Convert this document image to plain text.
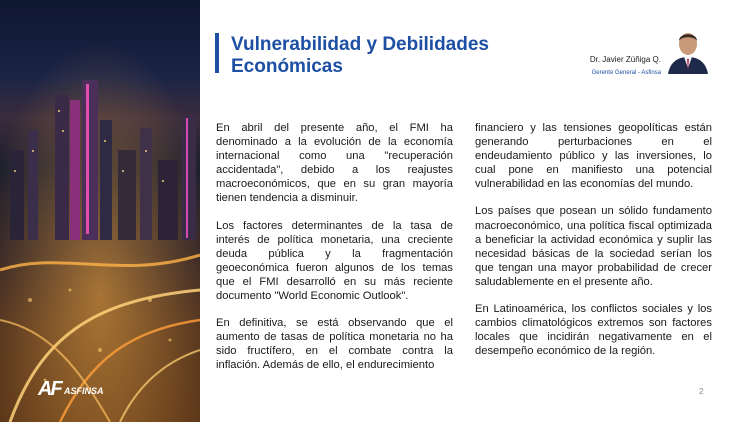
AF ASFINSA
Vulnerabilidad y Debilidades Económicas	Dr. Javier Zúñiga Q.
Gerente General - Asfinsa

En abril del presente año, el FMI ha denominado a la evolución de la economía internacional como una "recuperación accidentada", debido a los reajustes macroeconómicos, que en su gran mayoría tienen tendencia a disminuir.

Los factores determinantes de la tasa de interés de política monetaria, una creciente deuda pública y la fragmentación geoeconómica fueron algunos de los temas que el FMI desarrolló en su más reciente documento "World Economic Outlook".

En definitiva, se está observando que el aumento de tasas de política monetaria no ha sido fructífero, en el combate contra la inflación. Además de ello, el endurecimiento

financiero y las tensiones geopolíticas están generando perturbaciones en el endeudamiento público y las inversiones, lo cual pone en manifiesto una potencial vulnerabilidad en las economías del mundo.

Los países que posean un sólido fundamento macroeconómico, una política fiscal optimizada a beneficiar la actividad económica y suplir las necesidad básicas de la sociedad serían los que tengan una mayor probabilidad de crecer saludablemente en el presente año.

En Latinoamérica, los conflictos sociales y los cambios climatológicos extremos son factores locales que incidirán negativamente en el desempeño económico de la región.

2
